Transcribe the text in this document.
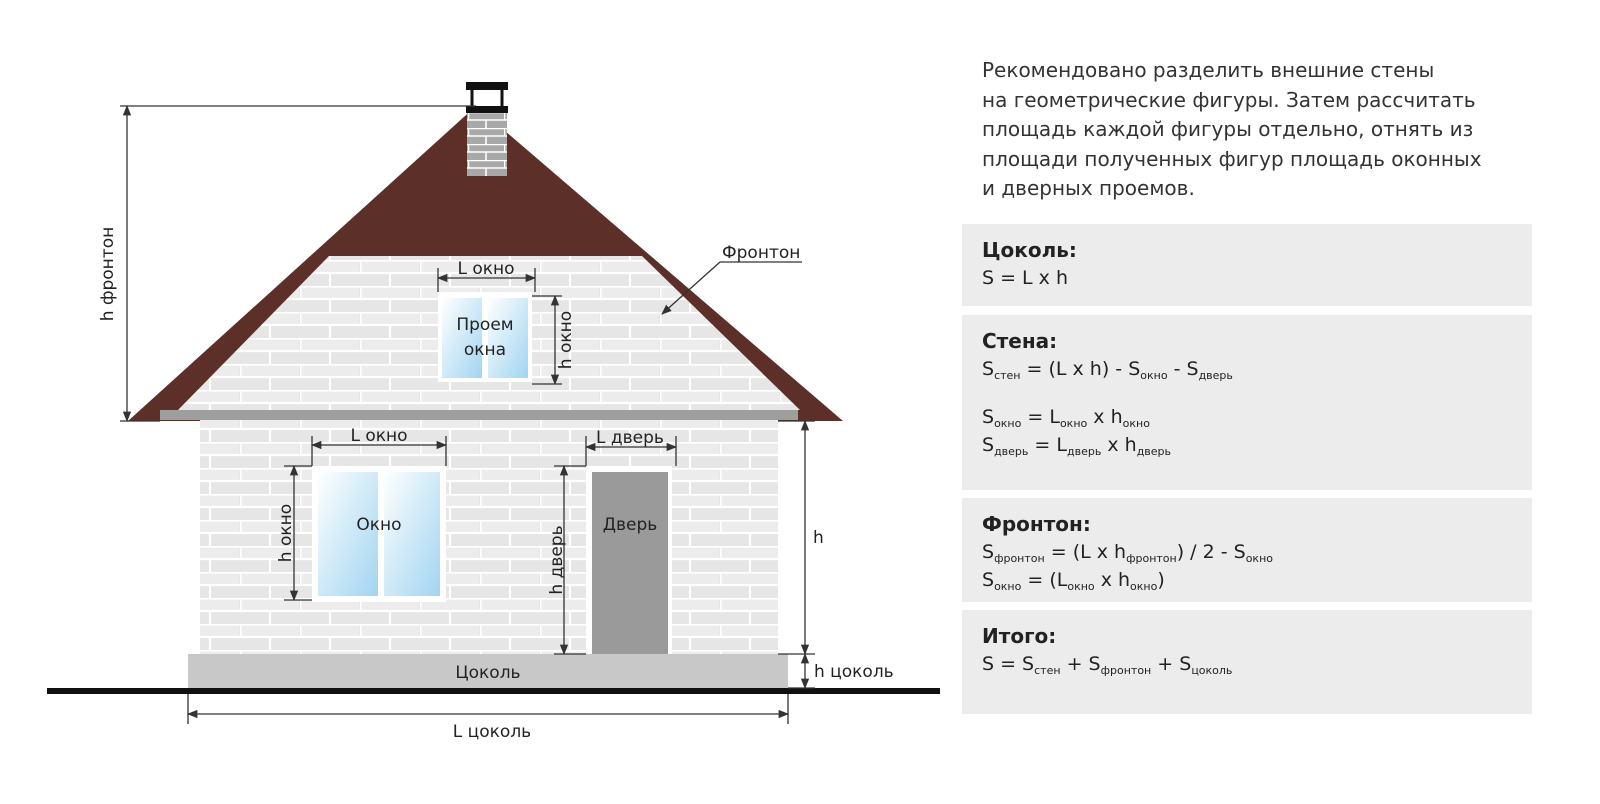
h фронтон	Фронтон
L окно
h окно
Проем
окна
L окно	L дверь
h окно	Окно
h дверь
Дверь
h
h цоколь
Цоколь
L цоколь
Рекомендовано разделить внешние стены
на геометрические фигуры. Затем рассчитать
площадь каждой фигуры отдельно, отнять из
площади полученных фигур площадь оконных
и дверных проемов.
Цоколь:
S = L x h
Стена:
$S_{стен} = (L$ x $h) - S_{окно} - S_{дверь}$
$S_{окно} = L_{окно}$ x $h_{окно}$
$S_{дверь} = L_{дверь}$ x $h_{дверь}$
Фронтон:
$S_{фронтон} = (L$ x $h_{фронтон}) / 2 - S_{окно}$
$S_{окно} = (L_{окно}$ x $h_{окно}$)
Итого:
$S = S_{стен} + S_{фронтон} + S_{цоколь}$
